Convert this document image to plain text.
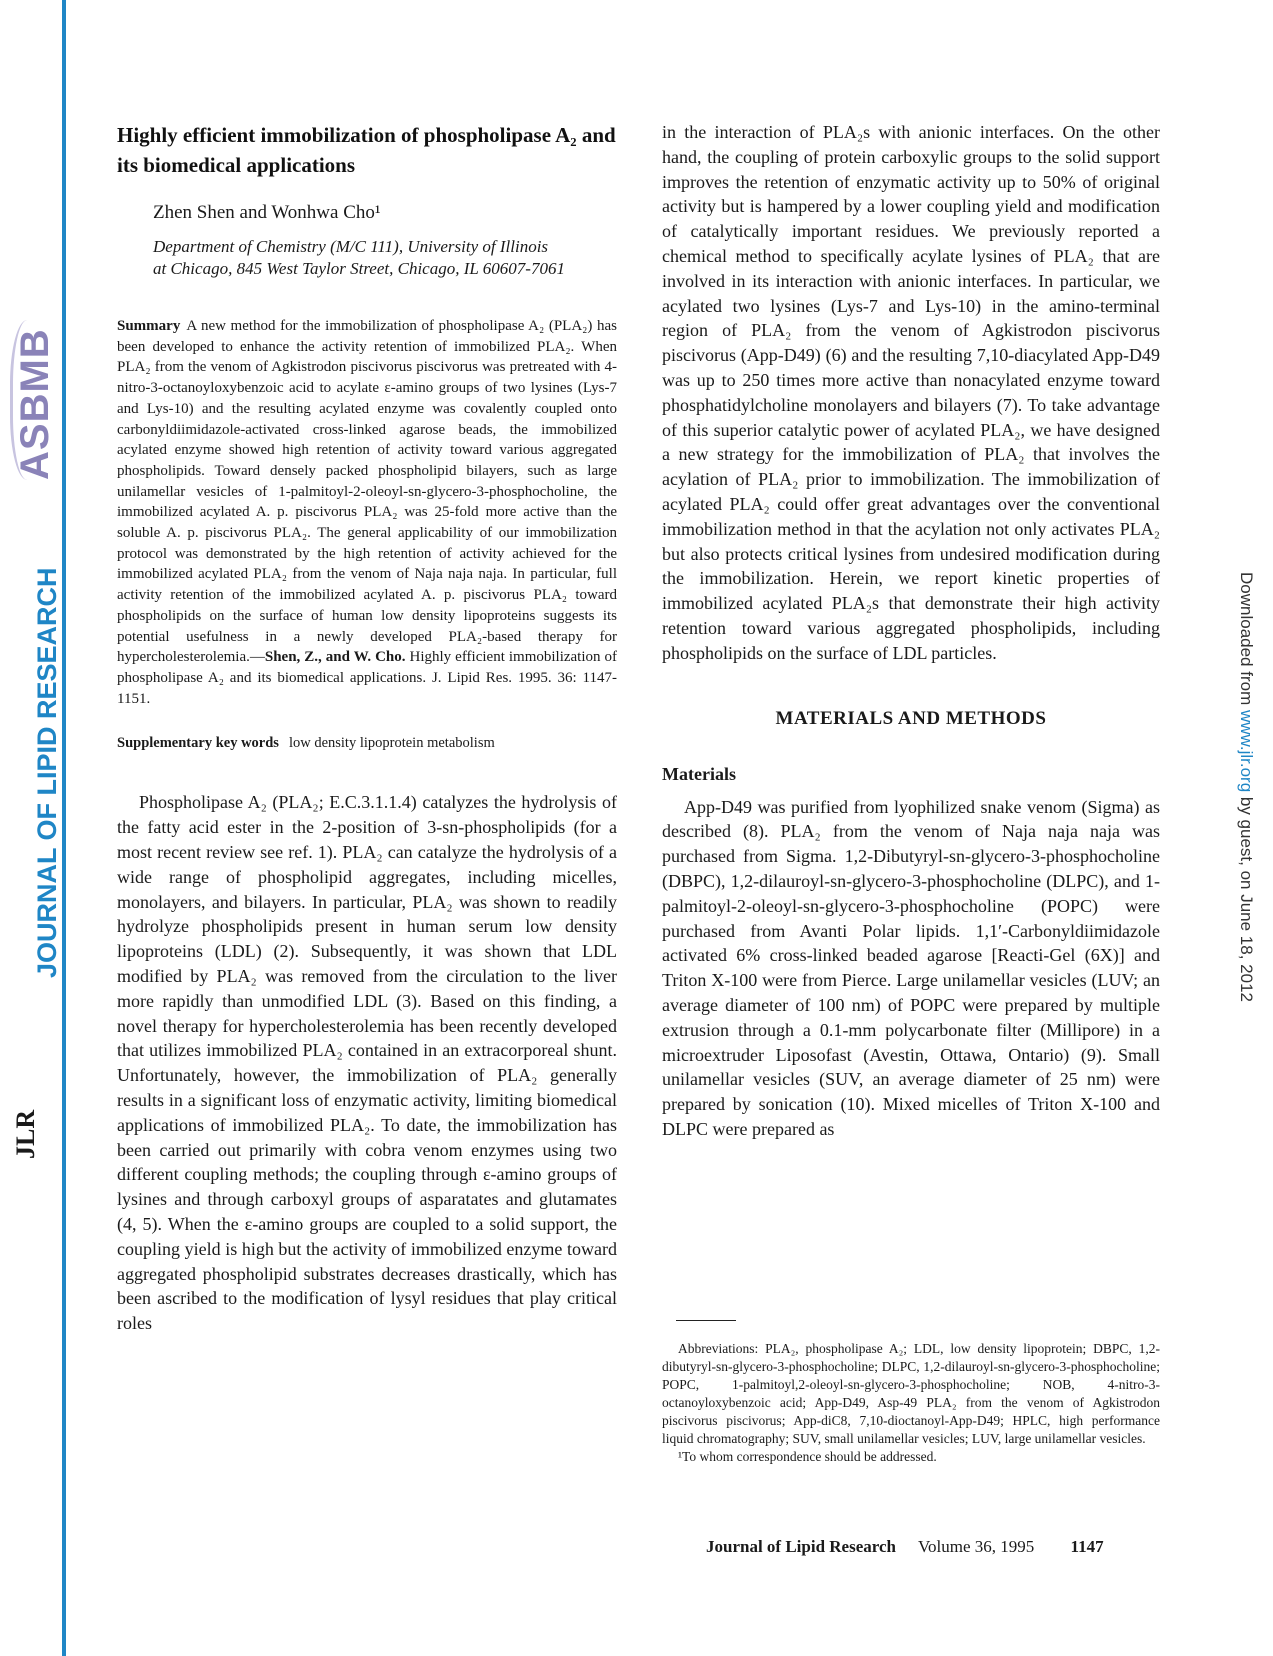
ASBMB
JOURNAL OF LIPID RESEARCH
JLR
Downloaded from www.jlr.org by guest, on June 18, 2012
Highly efficient immobilization of phospholipase A₂ and its biomedical applications
Zhen Shen and Wonhwa Cho¹
Department of Chemistry (M/C 111), University of Illinois
at Chicago, 845 West Taylor Street, Chicago, IL 60607-7061

Summary A new method for the immobilization of phospholipase A₂ (PLA₂) has been developed to enhance the activity retention of immobilized PLA₂. When PLA₂ from the venom of Agkistrodon piscivorus piscivorus was pretreated with 4-nitro-3-octanoyloxybenzoic acid to acylate ε-amino groups of two lysines (Lys-7 and Lys-10) and the resulting acylated enzyme was covalently coupled onto carbonyldiimidazole-activated cross-linked agarose beads, the immobilized acylated enzyme showed high retention of activity toward various aggregated phospholipids. Toward densely packed phospholipid bilayers, such as large unilamellar vesicles of 1-palmitoyl-2-oleoyl-sn-glycero-3-phosphocholine, the immobilized acylated A. p. piscivorus PLA₂ was 25-fold more active than the soluble A. p. piscivorus PLA₂. The general applicability of our immobilization protocol was demonstrated by the high retention of activity achieved for the immobilized acylated PLA₂ from the venom of Naja naja naja. In particular, full activity retention of the immobilized acylated A. p. piscivorus PLA₂ toward phospholipids on the surface of human low density lipoproteins suggests its potential usefulness in a newly developed PLA₂-based therapy for hypercholesterolemia.—Shen, Z., and W. Cho. Highly efficient immobilization of phospholipase A₂ and its biomedical applications. J. Lipid Res. 1995. 36: 1147-1151.

Supplementary key words low density lipoprotein metabolism

Phospholipase A₂ (PLA₂; E.C.3.1.1.4) catalyzes the hydrolysis of the fatty acid ester in the 2-position of 3-sn-phospholipids (for a most recent review see ref. 1). PLA₂ can catalyze the hydrolysis of a wide range of phospholipid aggregates, including micelles, monolayers, and bilayers. In particular, PLA₂ was shown to readily hydrolyze phospholipids present in human serum low density lipoproteins (LDL) (2). Subsequently, it was shown that LDL modified by PLA₂ was removed from the circulation to the liver more rapidly than unmodified LDL (3). Based on this finding, a novel therapy for hypercholesterolemia has been recently developed that utilizes immobilized PLA₂ contained in an extracorporeal shunt. Unfortunately, however, the immobilization of PLA₂ generally results in a significant loss of enzymatic activity, limiting biomedical applications of immobilized PLA₂. To date, the immobilization has been carried out primarily with cobra venom enzymes using two different coupling methods; the coupling through ε-amino groups of lysines and through carboxyl groups of asparatates and glutamates (4, 5). When the ε-amino groups are coupled to a solid support, the coupling yield is high but the activity of immobilized enzyme toward aggregated phospholipid substrates decreases drastically, which has been ascribed to the modification of lysyl residues that play critical roles

in the interaction of PLA₂s with anionic interfaces. On the other hand, the coupling of protein carboxylic groups to the solid support improves the retention of enzymatic activity up to 50% of original activity but is hampered by a lower coupling yield and modification of catalytically important residues. We previously reported a chemical method to specifically acylate lysines of PLA₂ that are involved in its interaction with anionic interfaces. In particular, we acylated two lysines (Lys-7 and Lys-10) in the amino-terminal region of PLA₂ from the venom of Agkistrodon piscivorus piscivorus (App-D49) (6) and the resulting 7,10-diacylated App-D49 was up to 250 times more active than nonacylated enzyme toward phosphatidylcholine monolayers and bilayers (7). To take advantage of this superior catalytic power of acylated PLA₂, we have designed a new strategy for the immobilization of PLA₂ that involves the acylation of PLA₂ prior to immobilization. The immobilization of acylated PLA₂ could offer great advantages over the conventional immobilization method in that the acylation not only activates PLA₂ but also protects critical lysines from undesired modification during the immobilization. Herein, we report kinetic properties of immobilized acylated PLA₂s that demonstrate their high activity retention toward various aggregated phospholipids, including phospholipids on the surface of LDL particles.

MATERIALS AND METHODS
Materials

App-D49 was purified from lyophilized snake venom (Sigma) as described (8). PLA₂ from the venom of Naja naja naja was purchased from Sigma. 1,2-Dibutyryl-sn-glycero-3-phosphocholine (DBPC), 1,2-dilauroyl-sn-glycero-3-phosphocholine (DLPC), and 1-palmitoyl-2-oleoyl-sn-glycero-3-phosphocholine (POPC) were purchased from Avanti Polar lipids. 1,1′-Carbonyldiimidazole activated 6% cross-linked beaded agarose [Reacti-Gel (6X)] and Triton X-100 were from Pierce. Large unilamellar vesicles (LUV; an average diameter of 100 nm) of POPC were prepared by multiple extrusion through a 0.1-mm polycarbonate filter (Millipore) in a microextruder Liposofast (Avestin, Ottawa, Ontario) (9). Small unilamellar vesicles (SUV, an average diameter of 25 nm) were prepared by sonication (10). Mixed micelles of Triton X-100 and DLPC were prepared as

Abbreviations: PLA₂, phospholipase A₂; LDL, low density lipoprotein; DBPC, 1,2-dibutyryl-sn-glycero-3-phosphocholine; DLPC, 1,2-dilauroyl-sn-glycero-3-phosphocholine; POPC, 1-palmitoyl,2-oleoyl-sn-glycero-3-phosphocholine; NOB, 4-nitro-3-octanoyloxybenzoic acid; App-D49, Asp-49 PLA₂ from the venom of Agkistrodon piscivorus piscivorus; App-diC8, 7,10-dioctanoyl-App-D49; HPLC, high performance liquid chromatography; SUV, small unilamellar vesicles; LUV, large unilamellar vesicles.

¹To whom correspondence should be addressed.

Journal of Lipid Research Volume 36, 1995 1147
